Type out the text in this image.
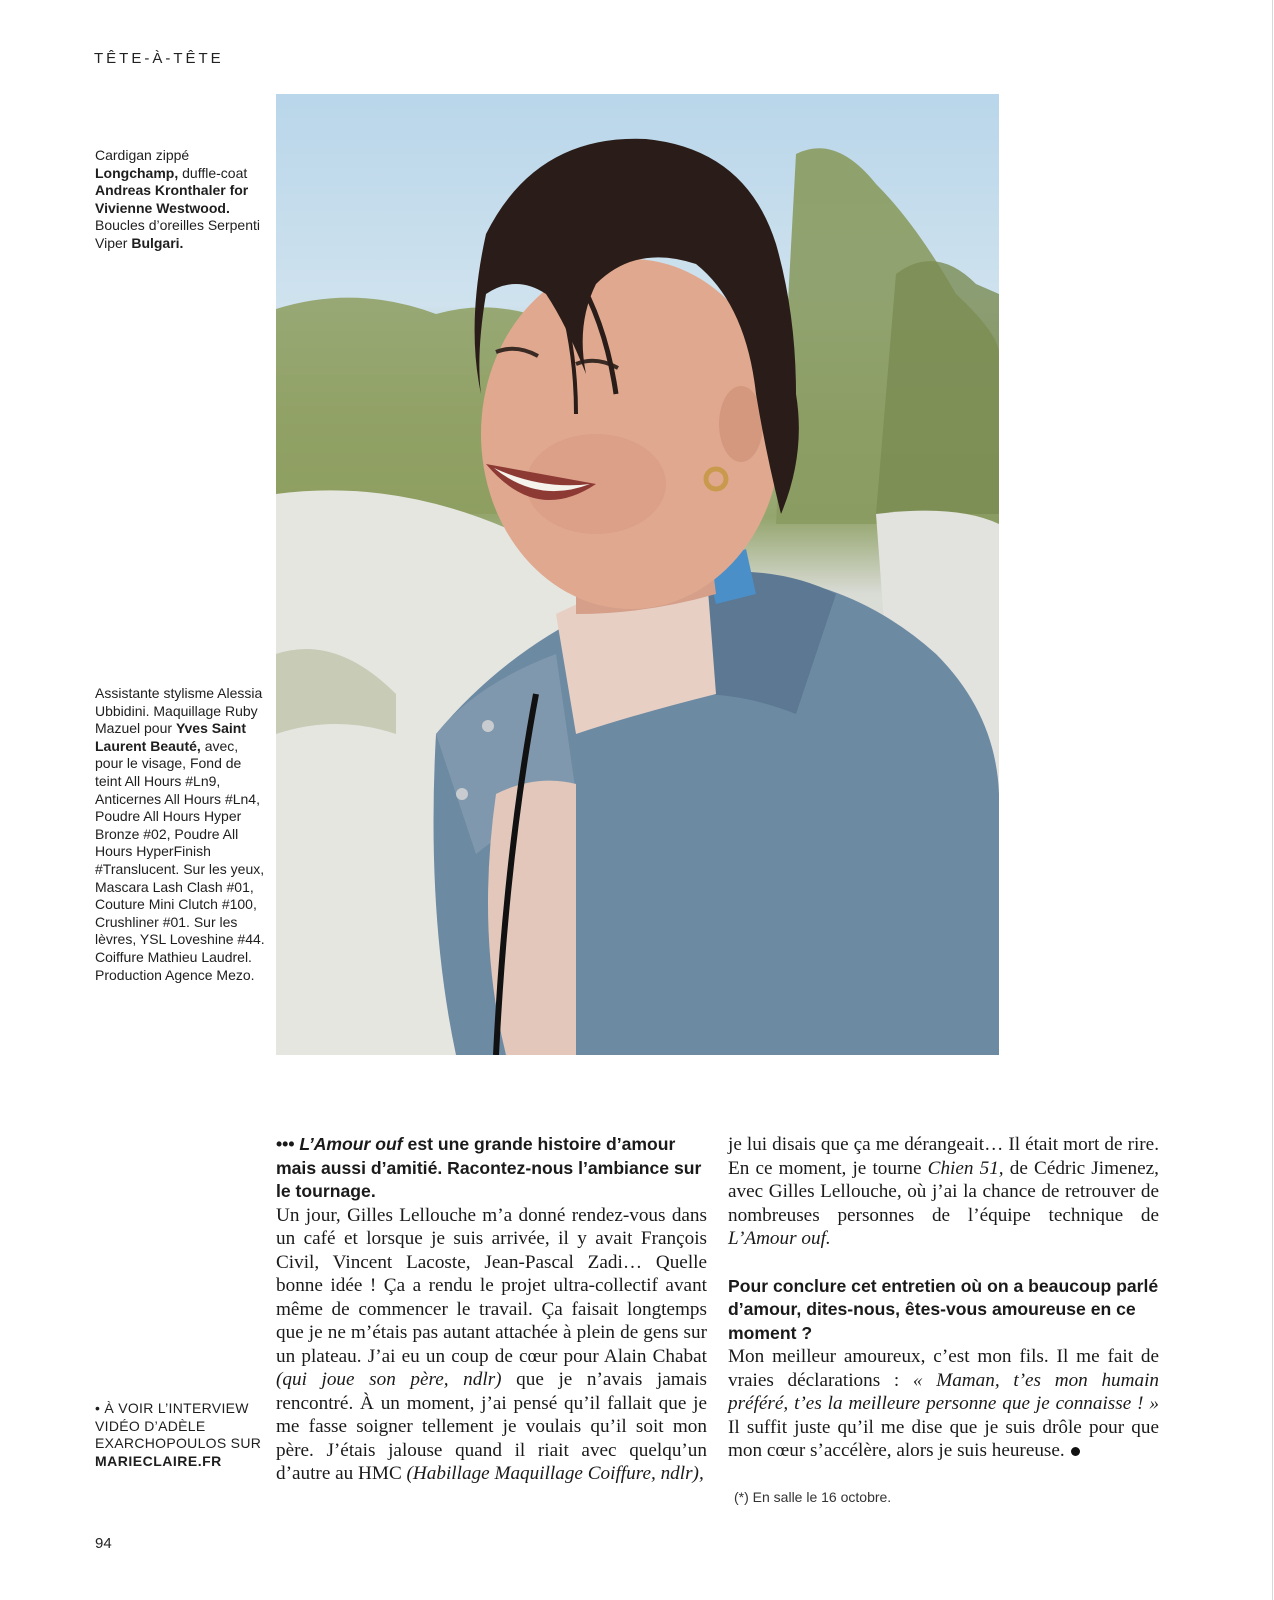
TÊTE-À-TÊTE
Cardigan zippé Longchamp, duffle-coat Andreas Kronthaler for Vivienne Westwood. Boucles d’oreilles Serpenti Viper Bulgari.
Assistante stylisme Alessia Ubbidini. Maquillage Ruby Mazuel pour Yves Saint Laurent Beauté, avec, pour le visage, Fond de teint All Hours #Ln9, Anticernes All Hours #Ln4, Poudre All Hours Hyper Bronze #02, Poudre All Hours HyperFinish #Translucent. Sur les yeux, Mascara Lash Clash #01, Couture Mini Clutch #100, Crushliner #01. Sur les lèvres, YSL Loveshine #44. Coiffure Mathieu Laudrel. Production Agence Mezo.
• À VOIR L’INTERVIEW VIDÉO D’ADÈLE EXARCHOPOULOS SUR
MARIECLAIRE.FR
94
••• L’Amour ouf est une grande histoire d’amour mais aussi d’amitié. Racontez-nous l’ambiance sur le tournage.

Un jour, Gilles Lellouche m’a donné rendez-vous dans un café et lorsque je suis arrivée, il y avait François Civil, Vincent Lacoste, Jean-Pascal Zadi… Quelle bonne idée ! Ça a rendu le projet ultra-collectif avant même de commencer le travail. Ça faisait longtemps que je ne m’étais pas autant attachée à plein de gens sur un plateau. J’ai eu un coup de cœur pour Alain Chabat (qui joue son père, ndlr) que je n’avais jamais rencontré. À un moment, j’ai pensé qu’il fallait que je me fasse soigner tellement je voulais qu’il soit mon père. J’étais jalouse quand il riait avec quelqu’un d’autre au HMC (Habillage Maquillage Coiffure, ndlr),

je lui disais que ça me dérangeait… Il était mort de rire. En ce moment, je tourne Chien 51, de Cédric Jimenez, avec Gilles Lellouche, où j’ai la chance de retrouver de nombreuses personnes de l’équipe technique de L’Amour ouf.

Pour conclure cet entretien où on a beaucoup parlé d’amour, dites-nous, êtes-vous amoureuse en ce moment ?

Mon meilleur amoureux, c’est mon fils. Il me fait de vraies déclarations : « Maman, t’es mon humain préféré, t’es la meilleure personne que je connaisse ! » Il suffit juste qu’il me dise que je suis drôle pour que mon cœur s’accélère, alors je suis heureuse.

(*) En salle le 16 octobre.
